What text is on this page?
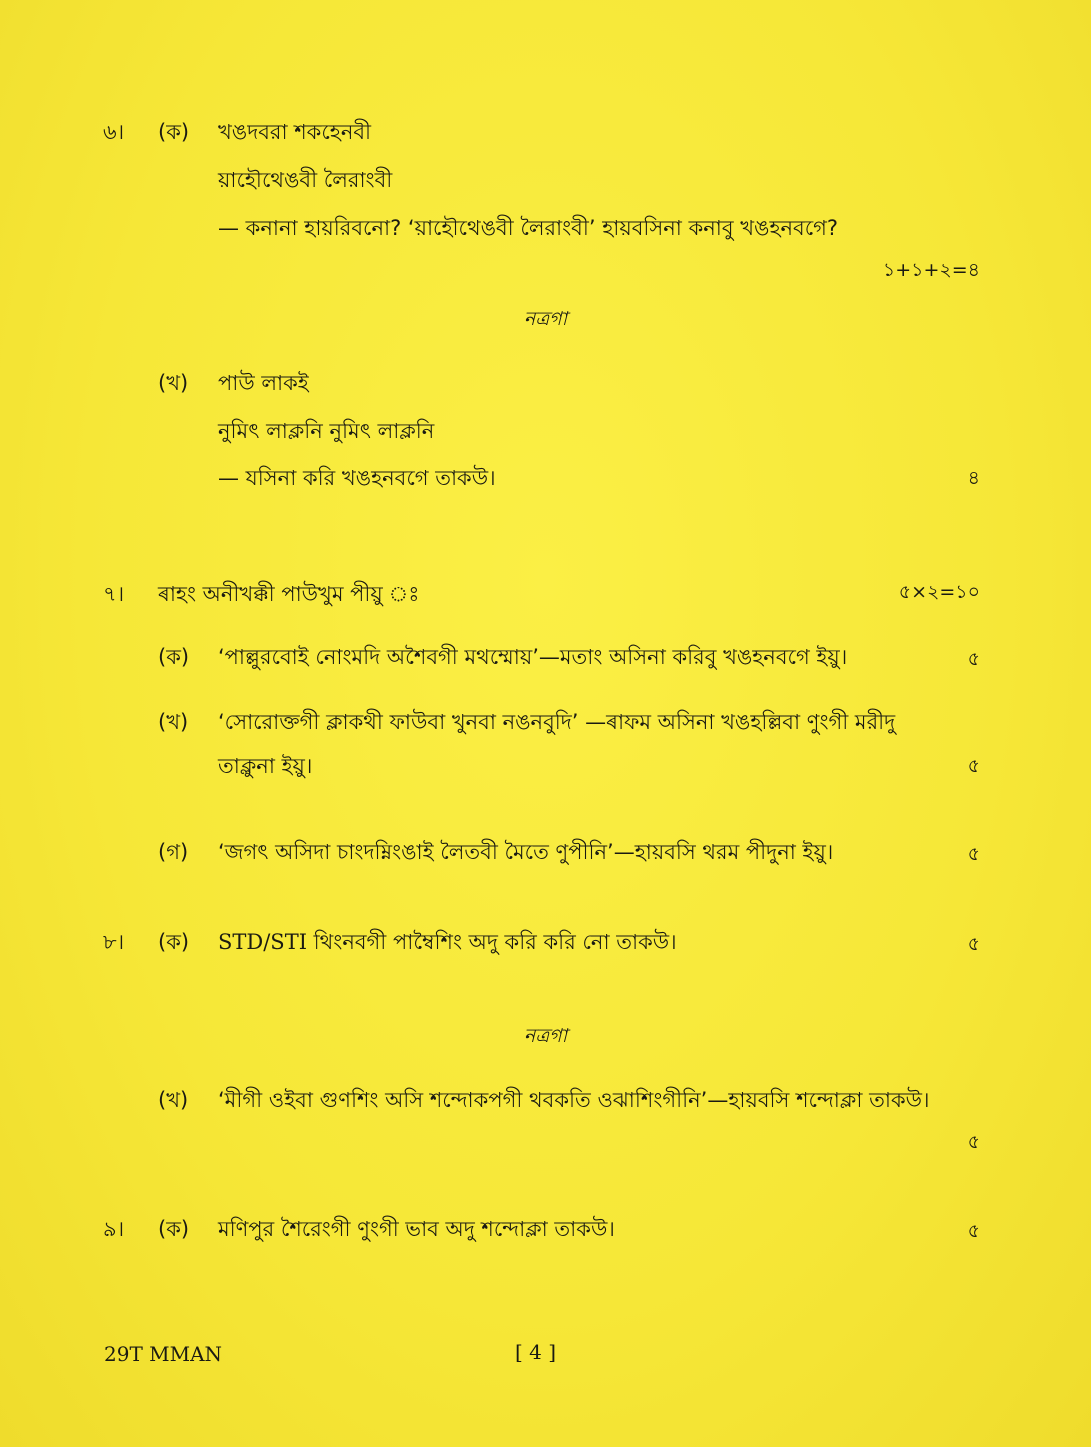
৬। (ক) খঙদবরা শকহেনবী
য়াহৌথেঙবী লৈরাংবী
— কনানা হায়রিবনো? ‘য়াহৌথেঙবী লৈরাংবী’ হায়বসিনা কনাবু খঙহনবগে?
১+১+২=৪
নত্রগা
(খ) পাউ লাকই
নুমিৎ লাক্লনি নুমিৎ লাক্লনি
— যসিনা করি খঙহনবগে তাকউ।	৪
৭। ৰাহং অনীখক্কী পাউখুম পীয়ু ঃ	৫×২=১০
(ক) ‘পাল্লুরবোই নোংমদি অশৈবগী মথম্মোয়’—মতাং অসিনা করিবু খঙহনবগে ইয়ু।	৫
(খ) ‘সোরোক্তগী ক্লাকথী ফাউবা খুনবা নঙনবুদি’ —ৰাফম অসিনা খঙহল্লিবা ণুংগী মরীদু তাক্লুনা ইয়ু।	৫
(গ) ‘জগৎ অসিদা চাংদম্নিংঙাই লৈতবী মৈতে ণুপীনি’—হায়বসি থরম পীদুনা ইয়ু।	৫
৮। (ক) STD/STI থিংনবগী পাম্বৈশিং অদু করি করি নো তাকউ।	৫
নত্রগা
(খ) ‘মীগী ওইবা গুণশিং অসি শন্দোকপগী থবকতি ওঝাশিংগীনি’—হায়বসি শন্দোক্লা তাকউ।
৫
৯। (ক) মণিপুর শৈরেংগী ণুংগী ভাব অদু শন্দোক্লা তাকউ।	৫
29T MMAN	[ 4 ]
